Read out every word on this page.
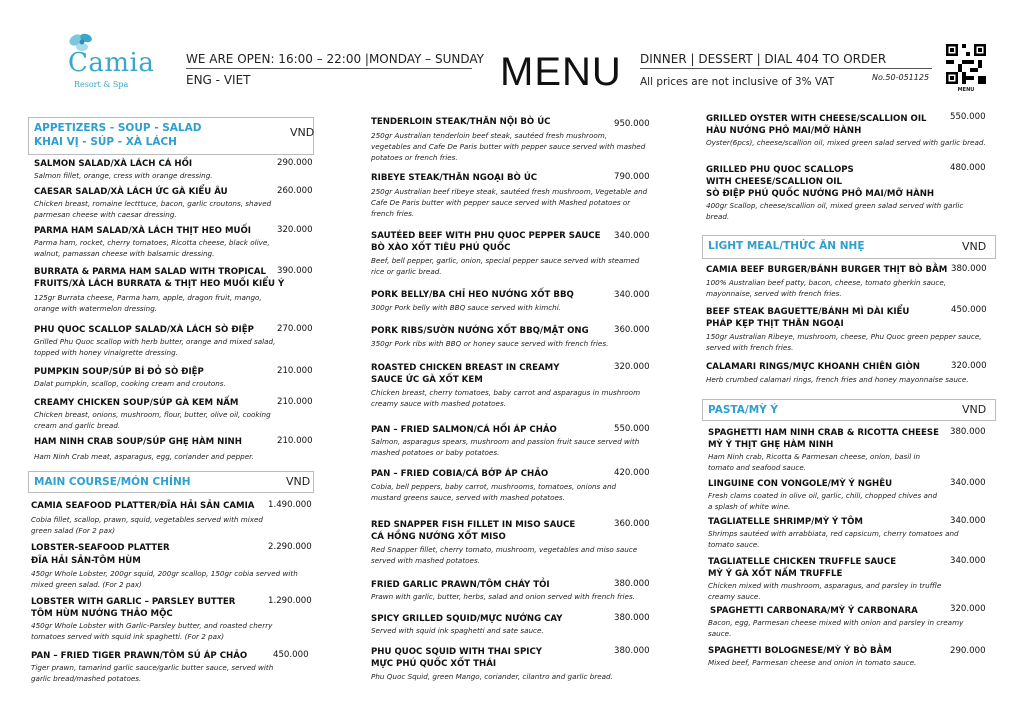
Camia
Resort & Spa
WE ARE OPEN: 16:00 – 22:00 |MONDAY – SUNDAY
ENG - VIET	MENU DINNER | DESSERT | DIAL 404 TO ORDER
All prices are not inclusive of 3% VAT	No.50-051125
MENU
APPETIZERS - SOUP - SALAD
KHAI VỊ - SÚP - XÀ LÁCH
VND
SALMON SALAD/XÀ LÁCH CÁ HỒI	290.000
Salmon fillet, orange, cress with orange dressing.
CAESAR SALAD/XÀ LÁCH ỨC GÀ KIỂU ÂU	260.000
Chicken breast, romaine lectttuce, bacon, garlic croutons, shaved parmesan cheese with caesar dressing.
PARMA HAM SALAD/XÀ LÁCH THỊT HEO MUỐI	320.000
Parma ham, rocket, cherry tomatoes, Ricotta cheese, black olive, walnut, pamassan cheese with balsamic dressing.
BURRATA & PARMA HAM SALAD WITH TROPICAL 390.000
FRUITS/XÀ LÁCH BURRATA & THỊT HEO MUỐI KIỂU Ý
125gr Burrata cheese, Parma ham, apple, dragon fruit, mango, orange with watermelon dressing.
PHU QUOC SCALLOP SALAD/XÀ LÁCH SÒ ĐIỆP	270.000
Grilled Phu Quoc scallop with herb butter, orange and mixed salad, topped with honey vinaigrette dressing.
PUMPKIN SOUP/SÚP BÍ ĐỎ SÒ ĐIỆP	210.000
Dalat pumpkin, scallop, cooking cream and croutons.
CREAMY CHICKEN SOUP/SÚP GÀ KEM NẤM	210.000
Chicken breast, onions, mushroom, flour, butter, olive oil, cooking cream and garlic bread.
HAM NINH CRAB SOUP/SÚP GHẸ HÀM NINH	210.000
Ham Ninh Crab meat, asparagus, egg, coriander and pepper.
MAIN COURSE/MÓN CHÍNH	VND
CAMIA SEAFOOD PLATTER/ĐĨA HẢI SẢN CAMIA 1.490.000
Cobia fillet, scallop, prawn, squid, vegetables served with mixed green salad (For 2 pax)
LOBSTER-SEAFOOD PLATTER	2.290.000
ĐĨA HẢI SẢN-TÔM HÙM
450gr Whole Lobster, 200gr squid, 200gr scallop, 150gr cobia served with mixed green salad. (For 2 pax)
LOBSTER WITH GARLIC – PARSLEY BUTTER	1.290.000
TÔM HÙM NƯỚNG THẢO MỘC
450gr Whole Lobster with Garlic-Parsley butter, and roasted cherry tomatoes served with squid ink spaghetti. (For 2 pax)
PAN – FRIED TIGER PRAWN/TÔM SÚ ÁP CHẢO	450.000
Tiger prawn, tamarind garlic sauce/garlic butter sauce, served with garlic bread/mashed potatoes.
TENDERLOIN STEAK/THĂN NỘI BÒ ÚC	950.000
250gr Australian tenderloin beef steak, sautéed fresh mushroom, vegetables and Cafe De Paris butter with pepper sauce served with mashed potatoes or french fries.
RIBEYE STEAK/THĂN NGOẠI BÒ ÚC	790.000
250gr Australian beef ribeye steak, sautéed fresh mushroom, Vegetable and Cafe De Paris butter with pepper sauce served with Mashed potatoes or french fries.
SAUTÉED BEEF WITH PHU QUOC PEPPER SAUCE 340.000
BÒ XÀO XỐT TIÊU PHÚ QUỐC
Beef, bell pepper, garlic, onion, special pepper sauce served with steamed rice or garlic bread.
PORK BELLY/BA CHỈ HEO NƯỚNG XỐT BBQ	340.000
300gr Pork belly with BBQ sauce served with kimchi.
PORK RIBS/SƯỜN NƯỚNG XỐT BBQ/MẬT ONG	360.000
350gr Pork ribs with BBQ or honey sauce served with french fries.
ROASTED CHICKEN BREAST IN CREAMY	320.000
SAUCE ỨC GÀ XỐT KEM
Chicken breast, cherry tomatoes, baby carrot and asparagus in mushroom creamy sauce with mashed potatoes.
PAN – FRIED SALMON/CÁ HỒI ÁP CHẢO	550.000
Salmon, asparagus spears, mushroom and passion fruit sauce served with mashed potatoes or baby potatoes.
PAN – FRIED COBIA/CÁ BỚP ÁP CHẢO	420.000
Cobia, bell peppers, baby carrot, mushrooms, tomatoes, onions and mustard greens sauce, served with mashed potatoes.
RED SNAPPER FISH FILLET IN MISO SAUCE	360.000
CÁ HỒNG NƯỚNG XỐT MISO
Red Snapper fillet, cherry tomato, mushroom, vegetables and miso sauce served with mashed potatoes.
FRIED GARLIC PRAWN/TÔM CHÁY TỎI	380.000
Prawn with garlic, butter, herbs, salad and onion served with french fries.
SPICY GRILLED SQUID/MỰC NƯỚNG CAY	380.000
Served with squid ink spaghetti and sate sauce.
PHU QUOC SQUID WITH THAI SPICY	380.000
MỰC PHÚ QUỐC XỐT THÁI
Phu Quoc Squid, green Mango, coriander, cilantro and garlic bread.
GRILLED OYSTER WITH CHEESE/SCALLION OIL	550.000
HÀU NƯỚNG PHÔ MAI/MỠ HÀNH
Oyster(6pcs), cheese/scallion oil, mixed green salad served with garlic bread.
GRILLED PHU QUOC SCALLOPS	480.000
WITH CHEESE/SCALLION OIL
SÒ ĐIỆP PHÚ QUỐC NƯỚNG PHÔ MAI/MỠ HÀNH
400gr Scallop, cheese/scallion oil, mixed green salad served with garlic bread.
LIGHT MEAL/THỨC ĂN NHẸ	VND
CAMIA BEEF BURGER/BÁNH BURGER THỊT BÒ BẰM 380.000
100% Australian beef patty, bacon, cheese, tomato gherkin sauce, mayonnaise, served with french fries.
BEEF STEAK BAGUETTE/BÁNH MÌ DÀI KIỂU	450.000
PHÁP KẸP THỊT THĂN NGOẠI
150gr Australian Ribeye, mushroom, cheese, Phu Quoc green pepper sauce, served with french fries.
CALAMARI RINGS/MỰC KHOANH CHIÊN GIÒN	320.000
Herb crumbed calamari rings, french fries and honey mayonnaise sauce.
PASTA/MỲ Ý	VND
SPAGHETTI HAM NINH CRAB & RICOTTA CHEESE 380.000
MỲ Ý THỊT GHẸ HÀM NINH
Ham Ninh crab, Ricotta & Parmesan cheese, onion, basil in tomato and seafood sauce.
LINGUINE CON VONGOLE/MỲ Ý NGHÊU	340.000
Fresh clams coated in olive oil, garlic, chili, chopped chives and a splash of white wine.
TAGLIATELLE SHRIMP/MỲ Ý TÔM	340.000
Shrimps sautéed with arrabbiata, red capsicum, cherry tomatoes and tomato sauce.
TAGLIATELLE CHICKEN TRUFFLE SAUCE	340.000
MỲ Ý GÀ XỐT NẤM TRUFFLE
Chicken mixed with mushroom, asparagus, and parsley in truffle creamy sauce.
SPAGHETTI CARBONARA/MỲ Ý CARBONARA	320.000
Bacon, egg, Parmesan cheese mixed with onion and parsley in creamy sauce.
SPAGHETTI BOLOGNESE/MỲ Ý BÒ BẰM	290.000
Mixed beef, Parmesan cheese and onion in tomato sauce.
